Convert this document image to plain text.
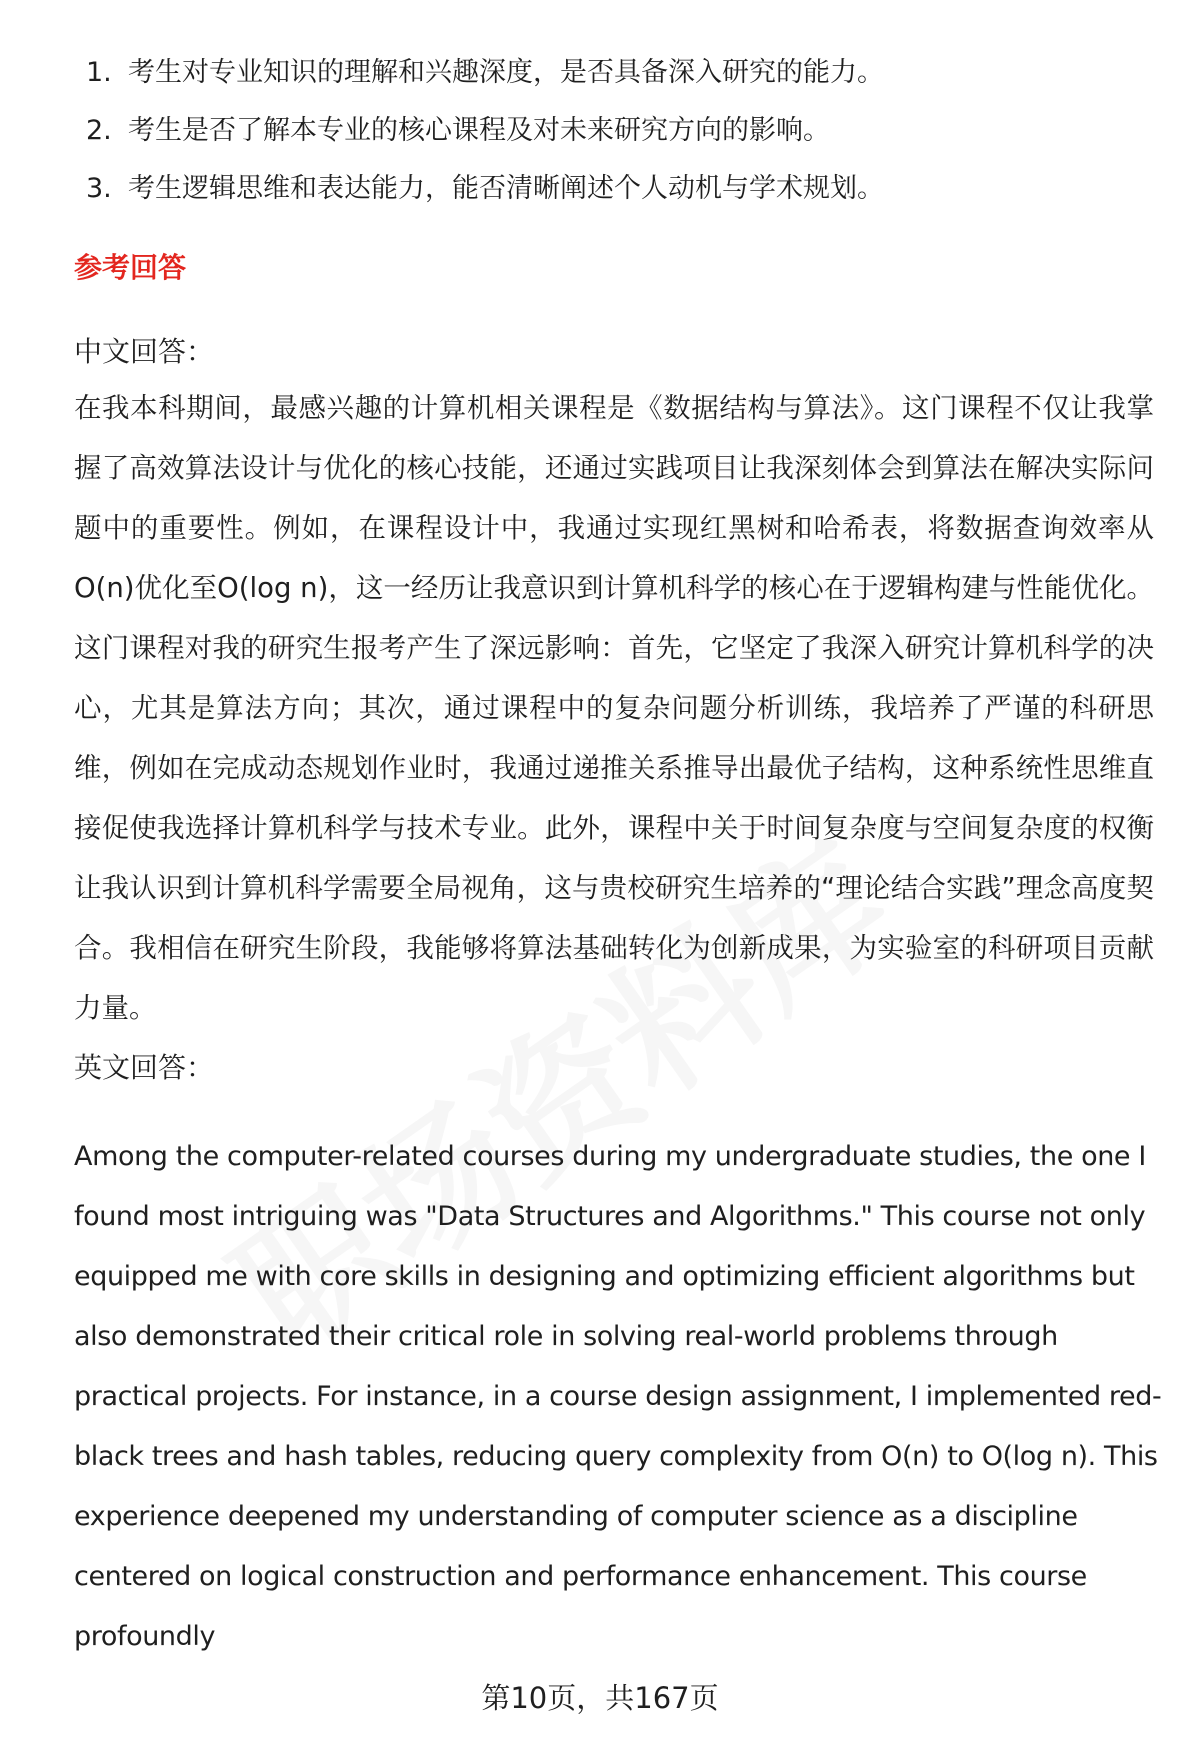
1. 考生对专业知识的理解和兴趣深度，是否具备深入研究的能力。
2. 考生是否了解本专业的核心课程及对未来研究方向的影响。
3. 考生逻辑思维和表达能力，能否清晰阐述个人动机与学术规划。
参考回答

中文回答：

在我本科期间，最感兴趣的计算机相关课程是《数据结构与算法》。这门课程不仅让我掌握了高效算法设计与优化的核心技能，还通过实践项目让我深刻体会到算法在解决实际问题中的重要性。例如，在课程设计中，我通过实现红黑树和哈希表，将数据查询效率从O(n)优化至O(log n)，这一经历让我意识到计算机科学的核心在于逻辑构建与性能优化。这门课程对我的研究生报考产生了深远影响：首先，它坚定了我深入研究计算机科学的决心，尤其是算法方向；其次，通过课程中的复杂问题分析训练，我培养了严谨的科研思维，例如在完成动态规划作业时，我通过递推关系推导出最优子结构，这种系统性思维直接促使我选择计算机科学与技术专业。此外，课程中关于时间复杂度与空间复杂度的权衡让我认识到计算机科学需要全局视角，这与贵校研究生培养的“理论结合实践”理念高度契合。我相信在研究生阶段，我能够将算法基础转化为创新成果，为实验室的科研项目贡献力量。

英文回答：

Among the computer-related courses during my undergraduate studies, the one I found most intriguing was "Data Structures and Algorithms." This course not only equipped me with core skills in designing and optimizing efficient algorithms but also demonstrated their critical role in solving real-world problems through practical projects. For instance, in a course design assignment, I implemented red-black trees and hash tables, reducing query complexity from O(n) to O(log n). This experience deepened my understanding of computer science as a discipline centered on logical construction and performance enhancement. This course profoundly

第10页，共167页
